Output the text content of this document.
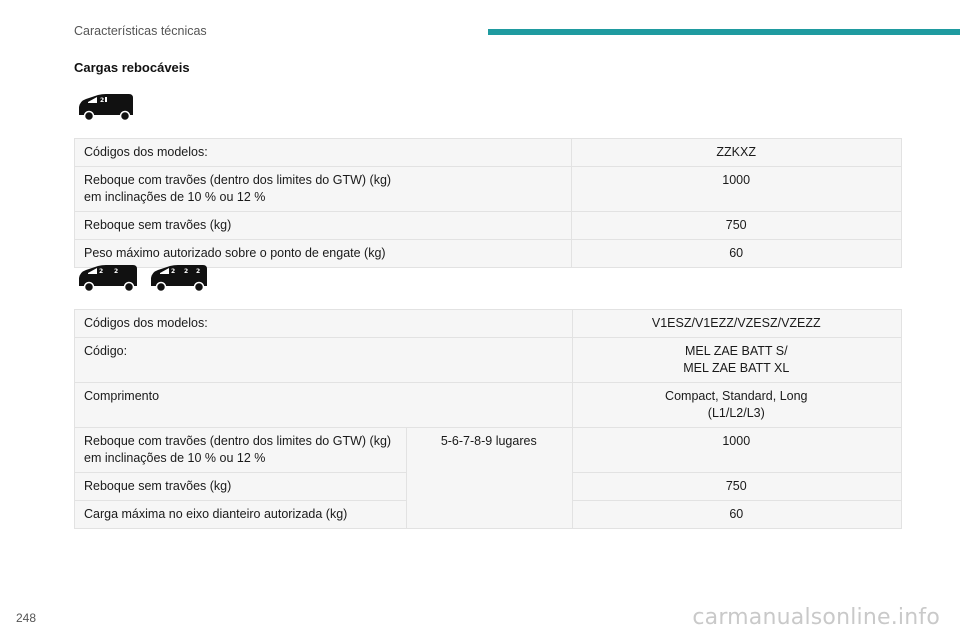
Características técnicas
Cargas rebocáveis
2
Códigos dos modelos:	ZZKXZ

Reboque com travões (dentro dos limites do GTW) (kg)
em inclinações de 10 % ou 12 %	1000
Reboque sem travões (kg)	750
Peso máximo autorizado sobre o ponto de engate (kg)	60
2 2	2 2 2
Códigos dos modelos:		V1ESZ/V1EZZ/VZESZ/VZEZZ
Código:		MEL ZAE BATT S/
MEL ZAE BATT XL

Comprimento		Compact, Standard, Long
(L1/L2/L3)

Reboque com travões (dentro dos limites do GTW) (kg)
em inclinações de 10 % ou 12 %	5-6-7-8-9 lugares	1000
Reboque sem travões (kg)		750
Carga máxima no eixo dianteiro autorizada (kg)		60
248	carmanualsonline.info
